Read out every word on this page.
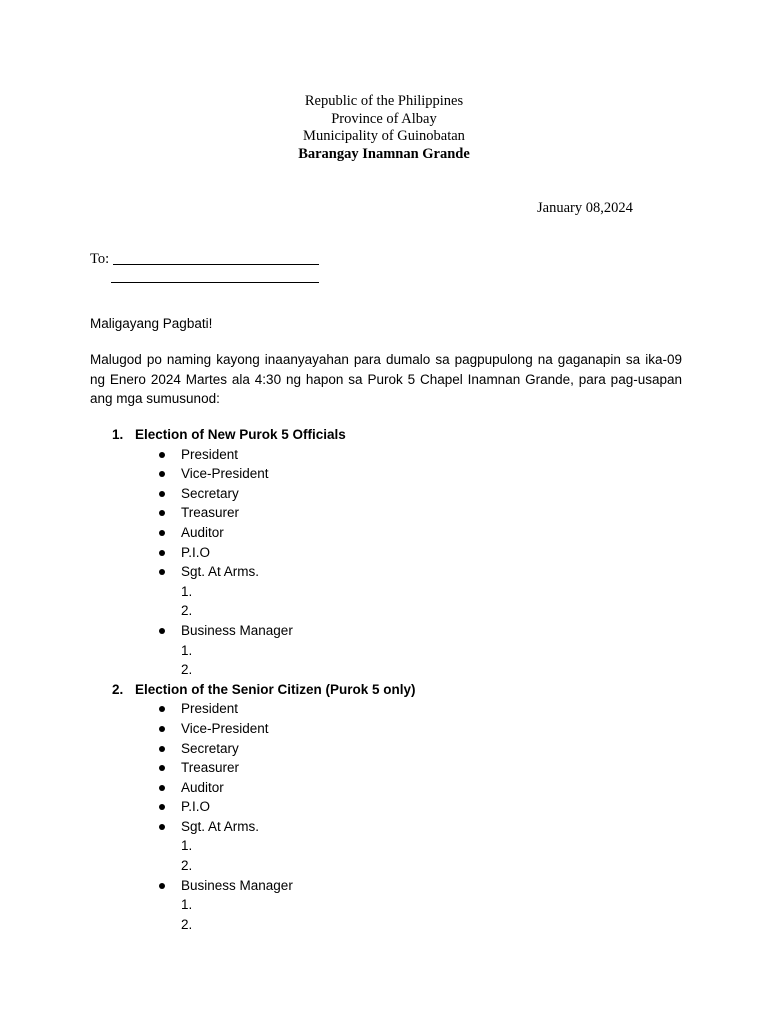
Republic of the Philippines
Province of Albay
Municipality of Guinobatan
Barangay Inamnan Grande
January 08,2024
To:
Maligayang Pagbati!
Malugod po naming kayong inaanyayahan para dumalo sa pagpupulong na gaganapin sa ika-09 ng Enero 2024 Martes ala 4:30 ng hapon sa Purok 5 Chapel Inamnan Grande, para pag-usapan ang mga sumusunod:
1. Election of New Purok 5 Officials
President
Vice-President
Secretary
Treasurer
Auditor
P.I.O
Sgt. At Arms.
1.
2.
Business Manager
1.
2.
2. Election of the Senior Citizen (Purok 5 only)
President
Vice-President
Secretary
Treasurer
Auditor
P.I.O
Sgt. At Arms.
1.
2.
Business Manager
1.
2.
